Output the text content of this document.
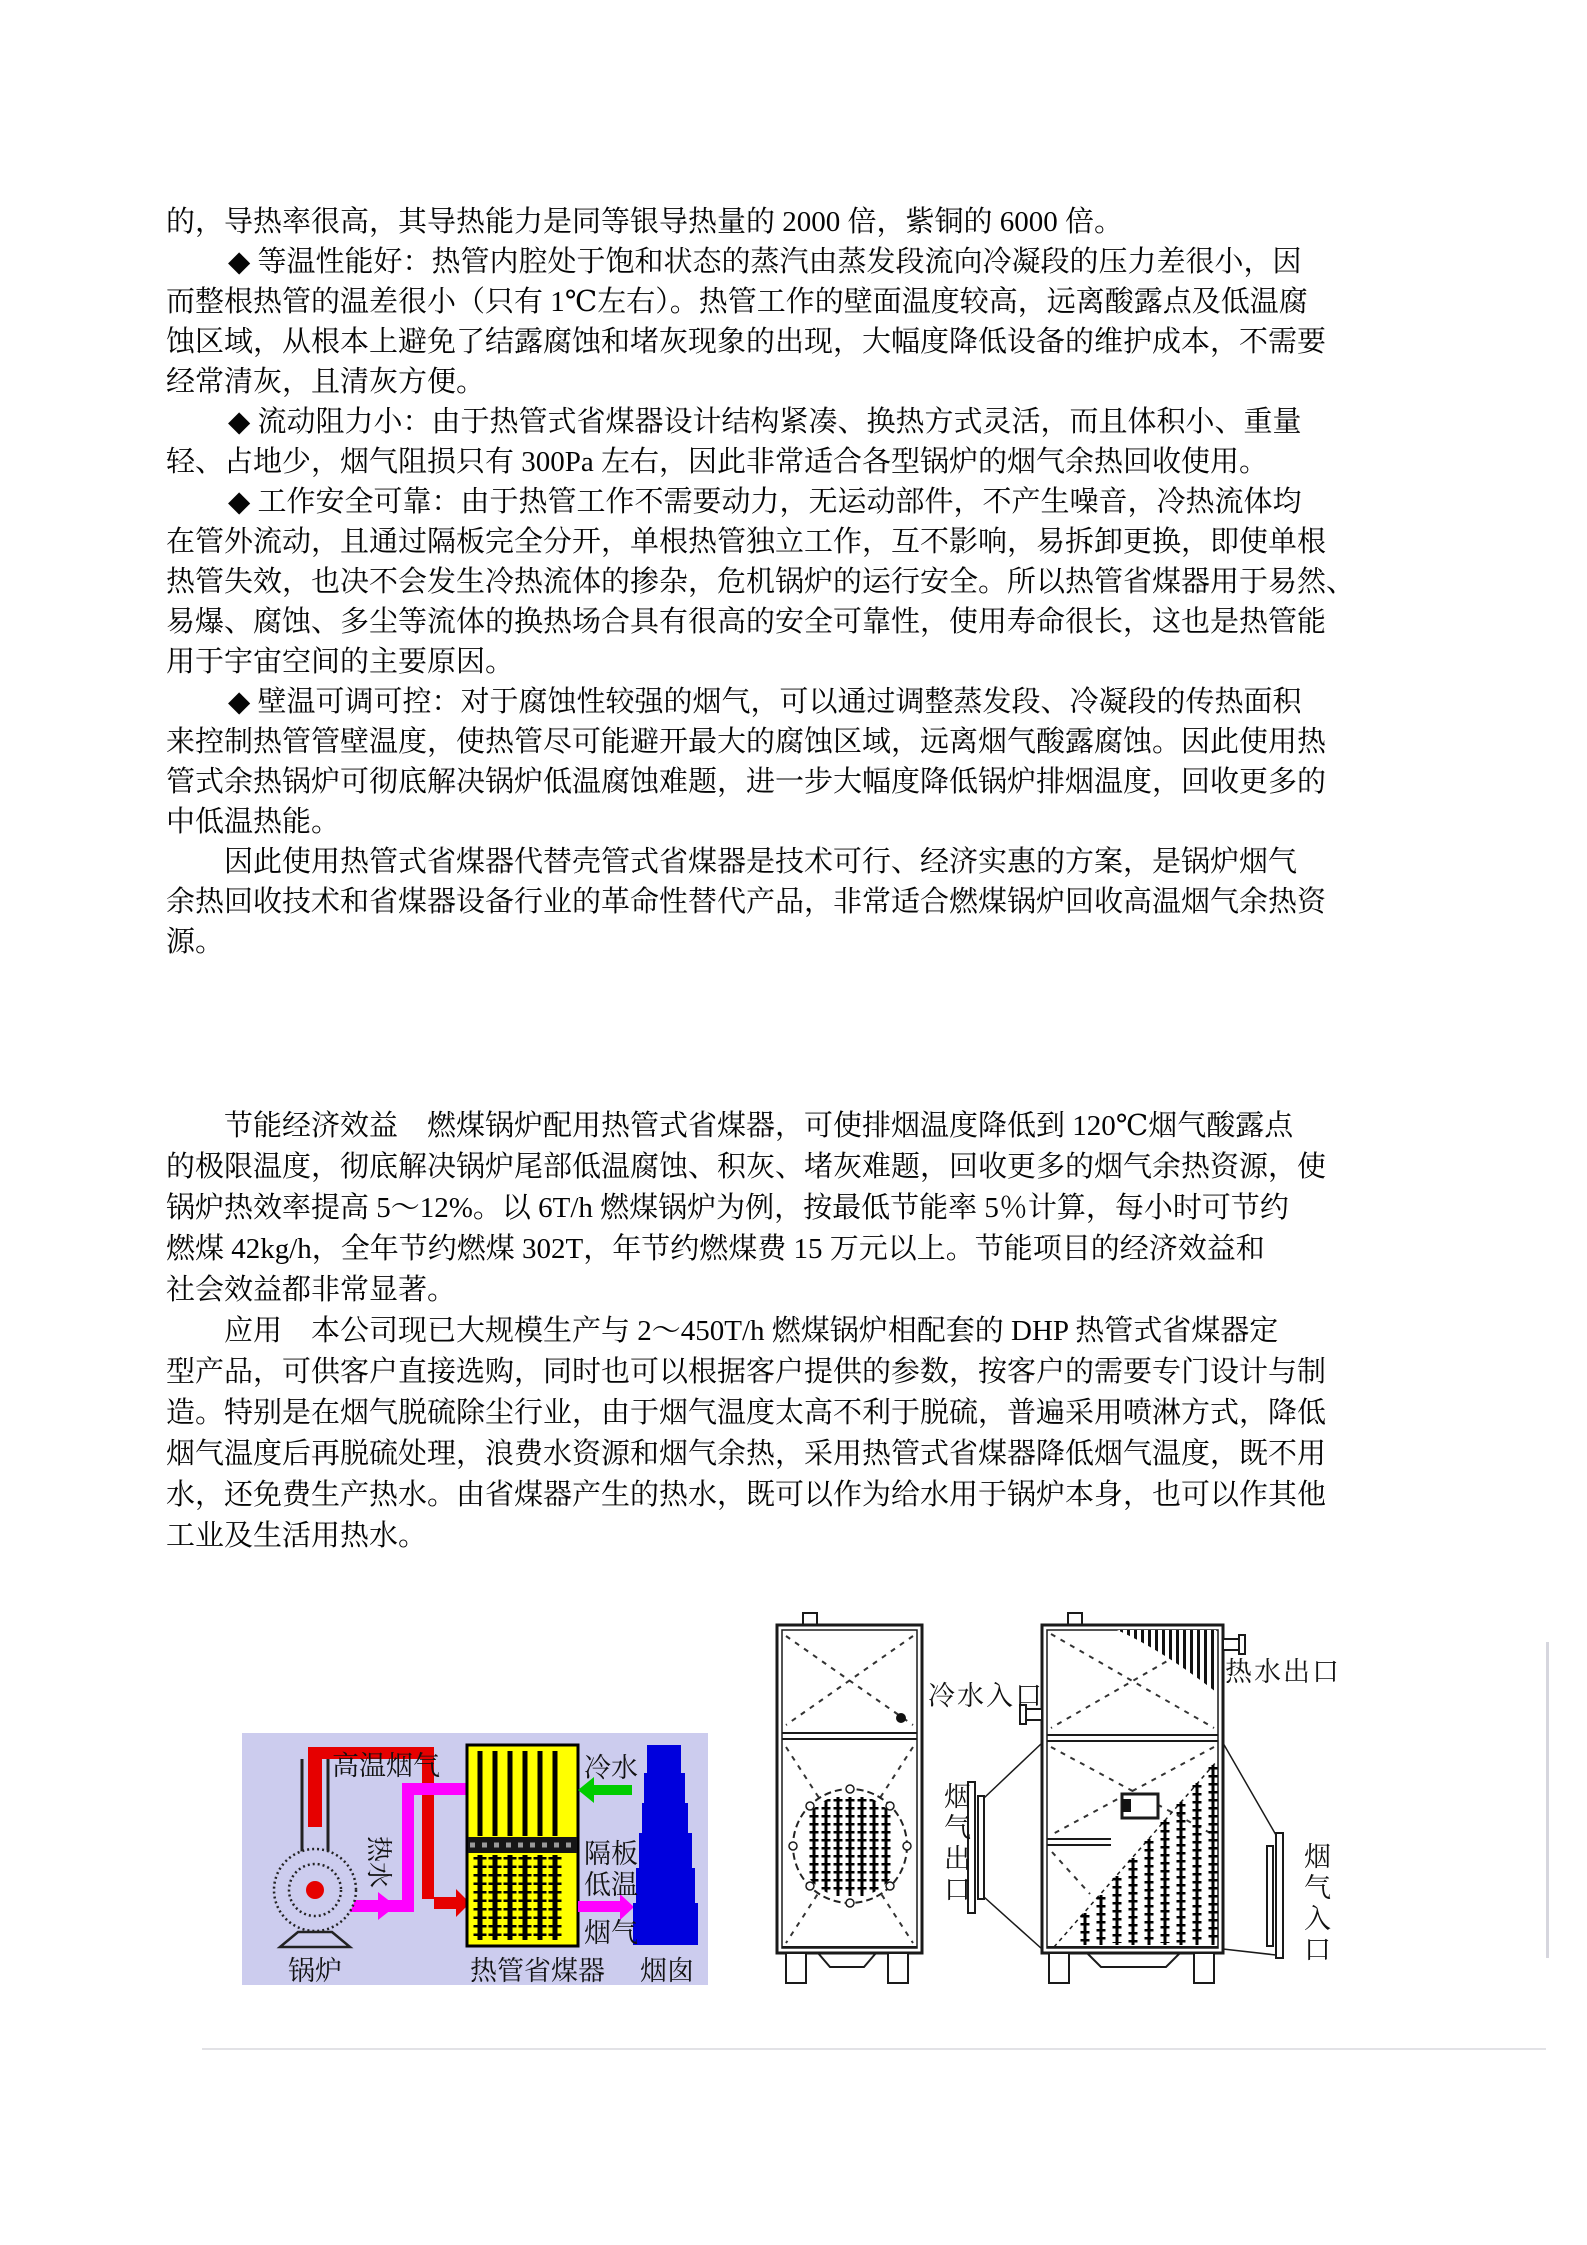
的，导热率很高，其导热能力是同等银导热量的 2000 倍，紫铜的 6000 倍。
◆ 等温性能好：热管内腔处于饱和状态的蒸汽由蒸发段流向冷凝段的压力差很小，因
而整根热管的温差很小（只有 1℃左右）。热管工作的壁面温度较高，远离酸露点及低温腐
蚀区域，从根本上避免了结露腐蚀和堵灰现象的出现，大幅度降低设备的维护成本，不需要
经常清灰，且清灰方便。
◆ 流动阻力小：由于热管式省煤器设计结构紧凑、换热方式灵活，而且体积小、重量
轻、占地少，烟气阻损只有 300Pa 左右，因此非常适合各型锅炉的烟气余热回收使用。
◆ 工作安全可靠：由于热管工作不需要动力，无运动部件，不产生噪音，冷热流体均
在管外流动，且通过隔板完全分开，单根热管独立工作，互不影响，易拆卸更换，即使单根
热管失效，也决不会发生冷热流体的掺杂，危机锅炉的运行安全。所以热管省煤器用于易然、
易爆、腐蚀、多尘等流体的换热场合具有很高的安全可靠性，使用寿命很长，这也是热管能
用于宇宙空间的主要原因。
◆ 壁温可调可控：对于腐蚀性较强的烟气，可以通过调整蒸发段、冷凝段的传热面积
来控制热管管壁温度，使热管尽可能避开最大的腐蚀区域，远离烟气酸露腐蚀。因此使用热
管式余热锅炉可彻底解决锅炉低温腐蚀难题，进一步大幅度降低锅炉排烟温度，回收更多的
中低温热能。
因此使用热管式省煤器代替壳管式省煤器是技术可行、经济实惠的方案，是锅炉烟气
余热回收技术和省煤器设备行业的革命性替代产品，非常适合燃煤锅炉回收高温烟气余热资
源。
节能经济效益　燃煤锅炉配用热管式省煤器，可使排烟温度降低到 120℃烟气酸露点
的极限温度，彻底解决锅炉尾部低温腐蚀、积灰、堵灰难题，回收更多的烟气余热资源，使
锅炉热效率提高 5～12%。以 6T/h 燃煤锅炉为例，按最低节能率 5％计算，每小时可节约
燃煤 42kg/h，全年节约燃煤 302T，年节约燃煤费 15 万元以上。节能项目的经济效益和
社会效益都非常显著。
应用　本公司现已大规模生产与 2～450T/h 燃煤锅炉相配套的 DHP 热管式省煤器定
型产品，可供客户直接选购，同时也可以根据客户提供的参数，按客户的需要专门设计与制
造。特别是在烟气脱硫除尘行业，由于烟气温度太高不利于脱硫，普遍采用喷淋方式，降低
烟气温度后再脱硫处理，浪费水资源和烟气余热，采用热管式省煤器降低烟气温度，既不用
水，还免费生产热水。由省煤器产生的热水，既可以作为给水用于锅炉本身，也可以作其他
工业及生活用热水。
高温烟气	冷水
隔板
低温
烟气
锅炉	热管省煤器 烟囱
热水
冷水入口
热水出口
烟气出口	烟气入口
